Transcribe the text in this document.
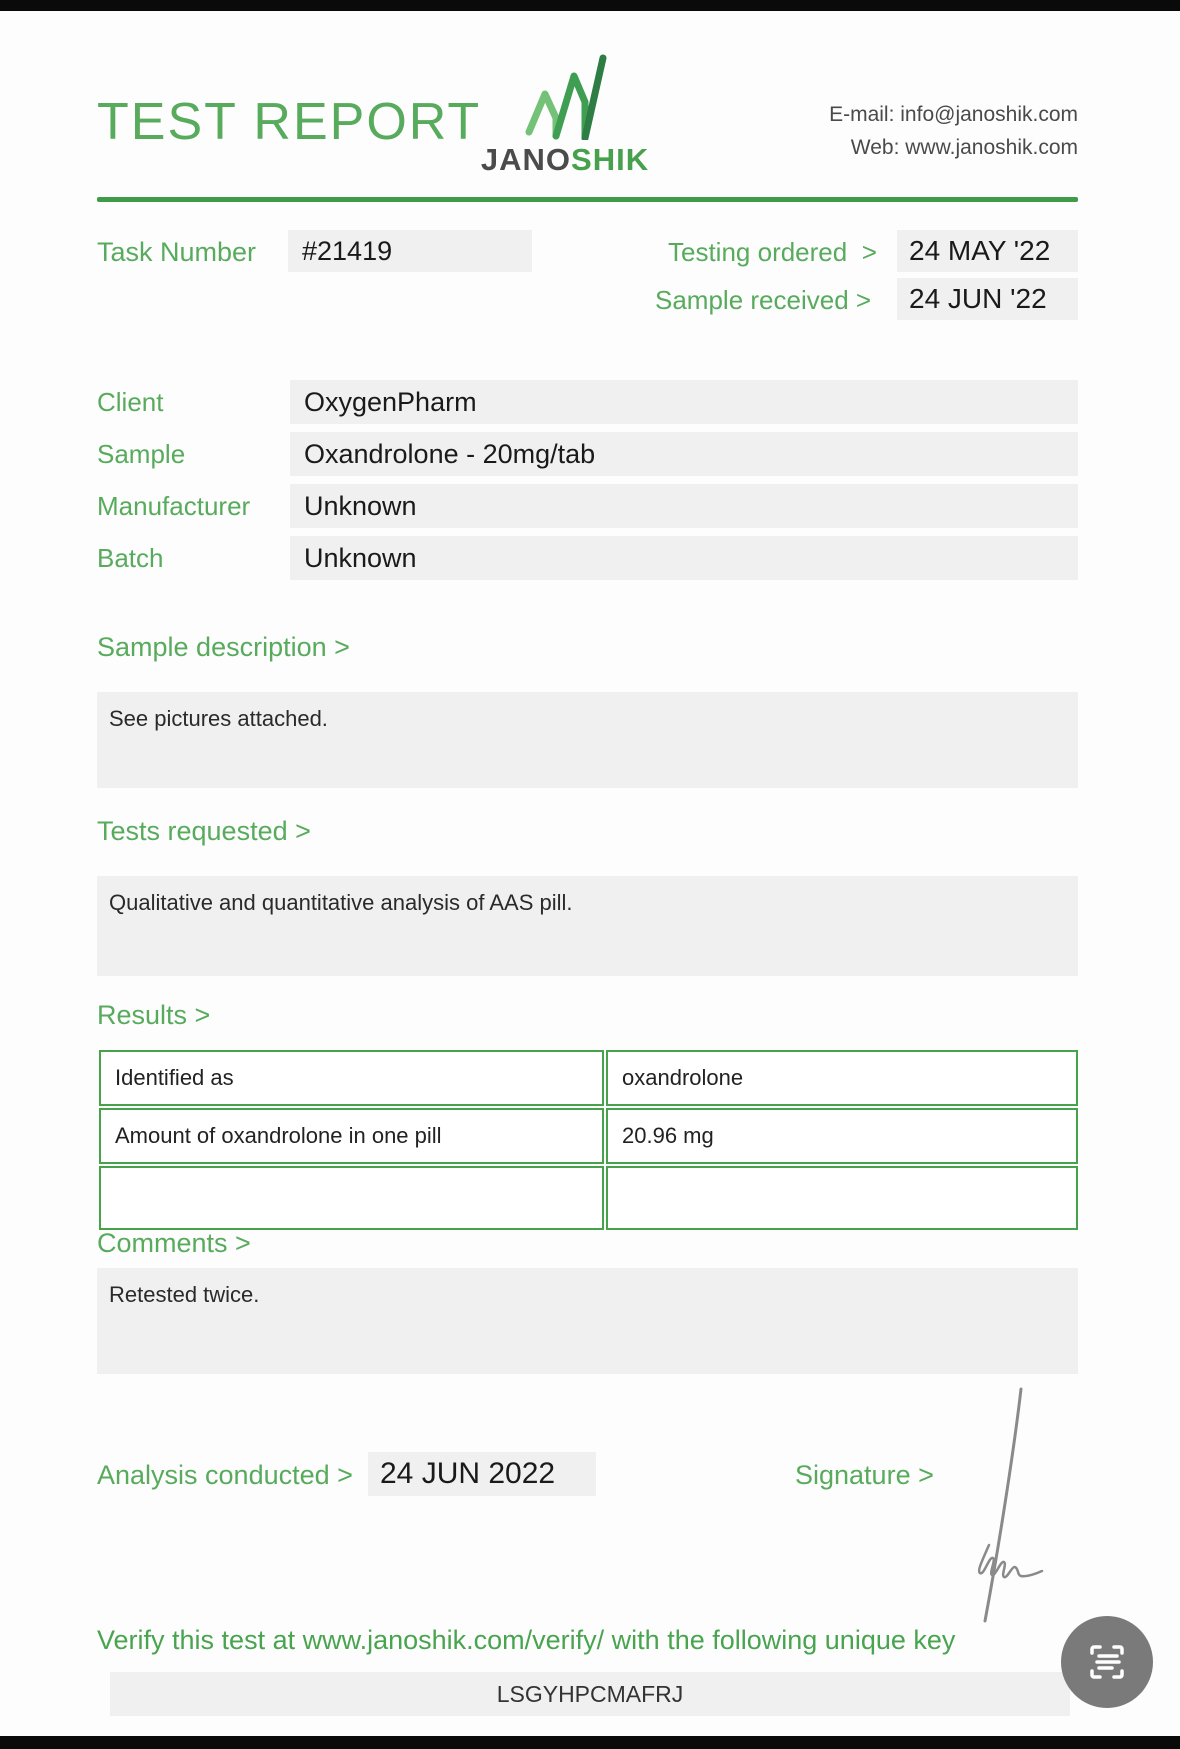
TEST REPORT
JANOSHIK
E-mail: info@janoshik.com
Web: www.janoshik.com
Task Number	#21419	Testing ordered >	24 MAY '22
Sample received >	24 JUN '22
Client	OxygenPharm
Sample	Oxandrolone - 20mg/tab
Manufacturer	Unknown
Batch	Unknown
Sample description >
See pictures attached.
Tests requested >
Qualitative and quantitative analysis of AAS pill.
Results >
Identified as	oxandrolone
Amount of oxandrolone in one pill	20.96 mg

Comments >
Retested twice.
Analysis conducted > 24 JUN 2022	Signature >
Verify this test at www.janoshik.com/verify/ with the following unique key
LSGYHPCMAFRJ
